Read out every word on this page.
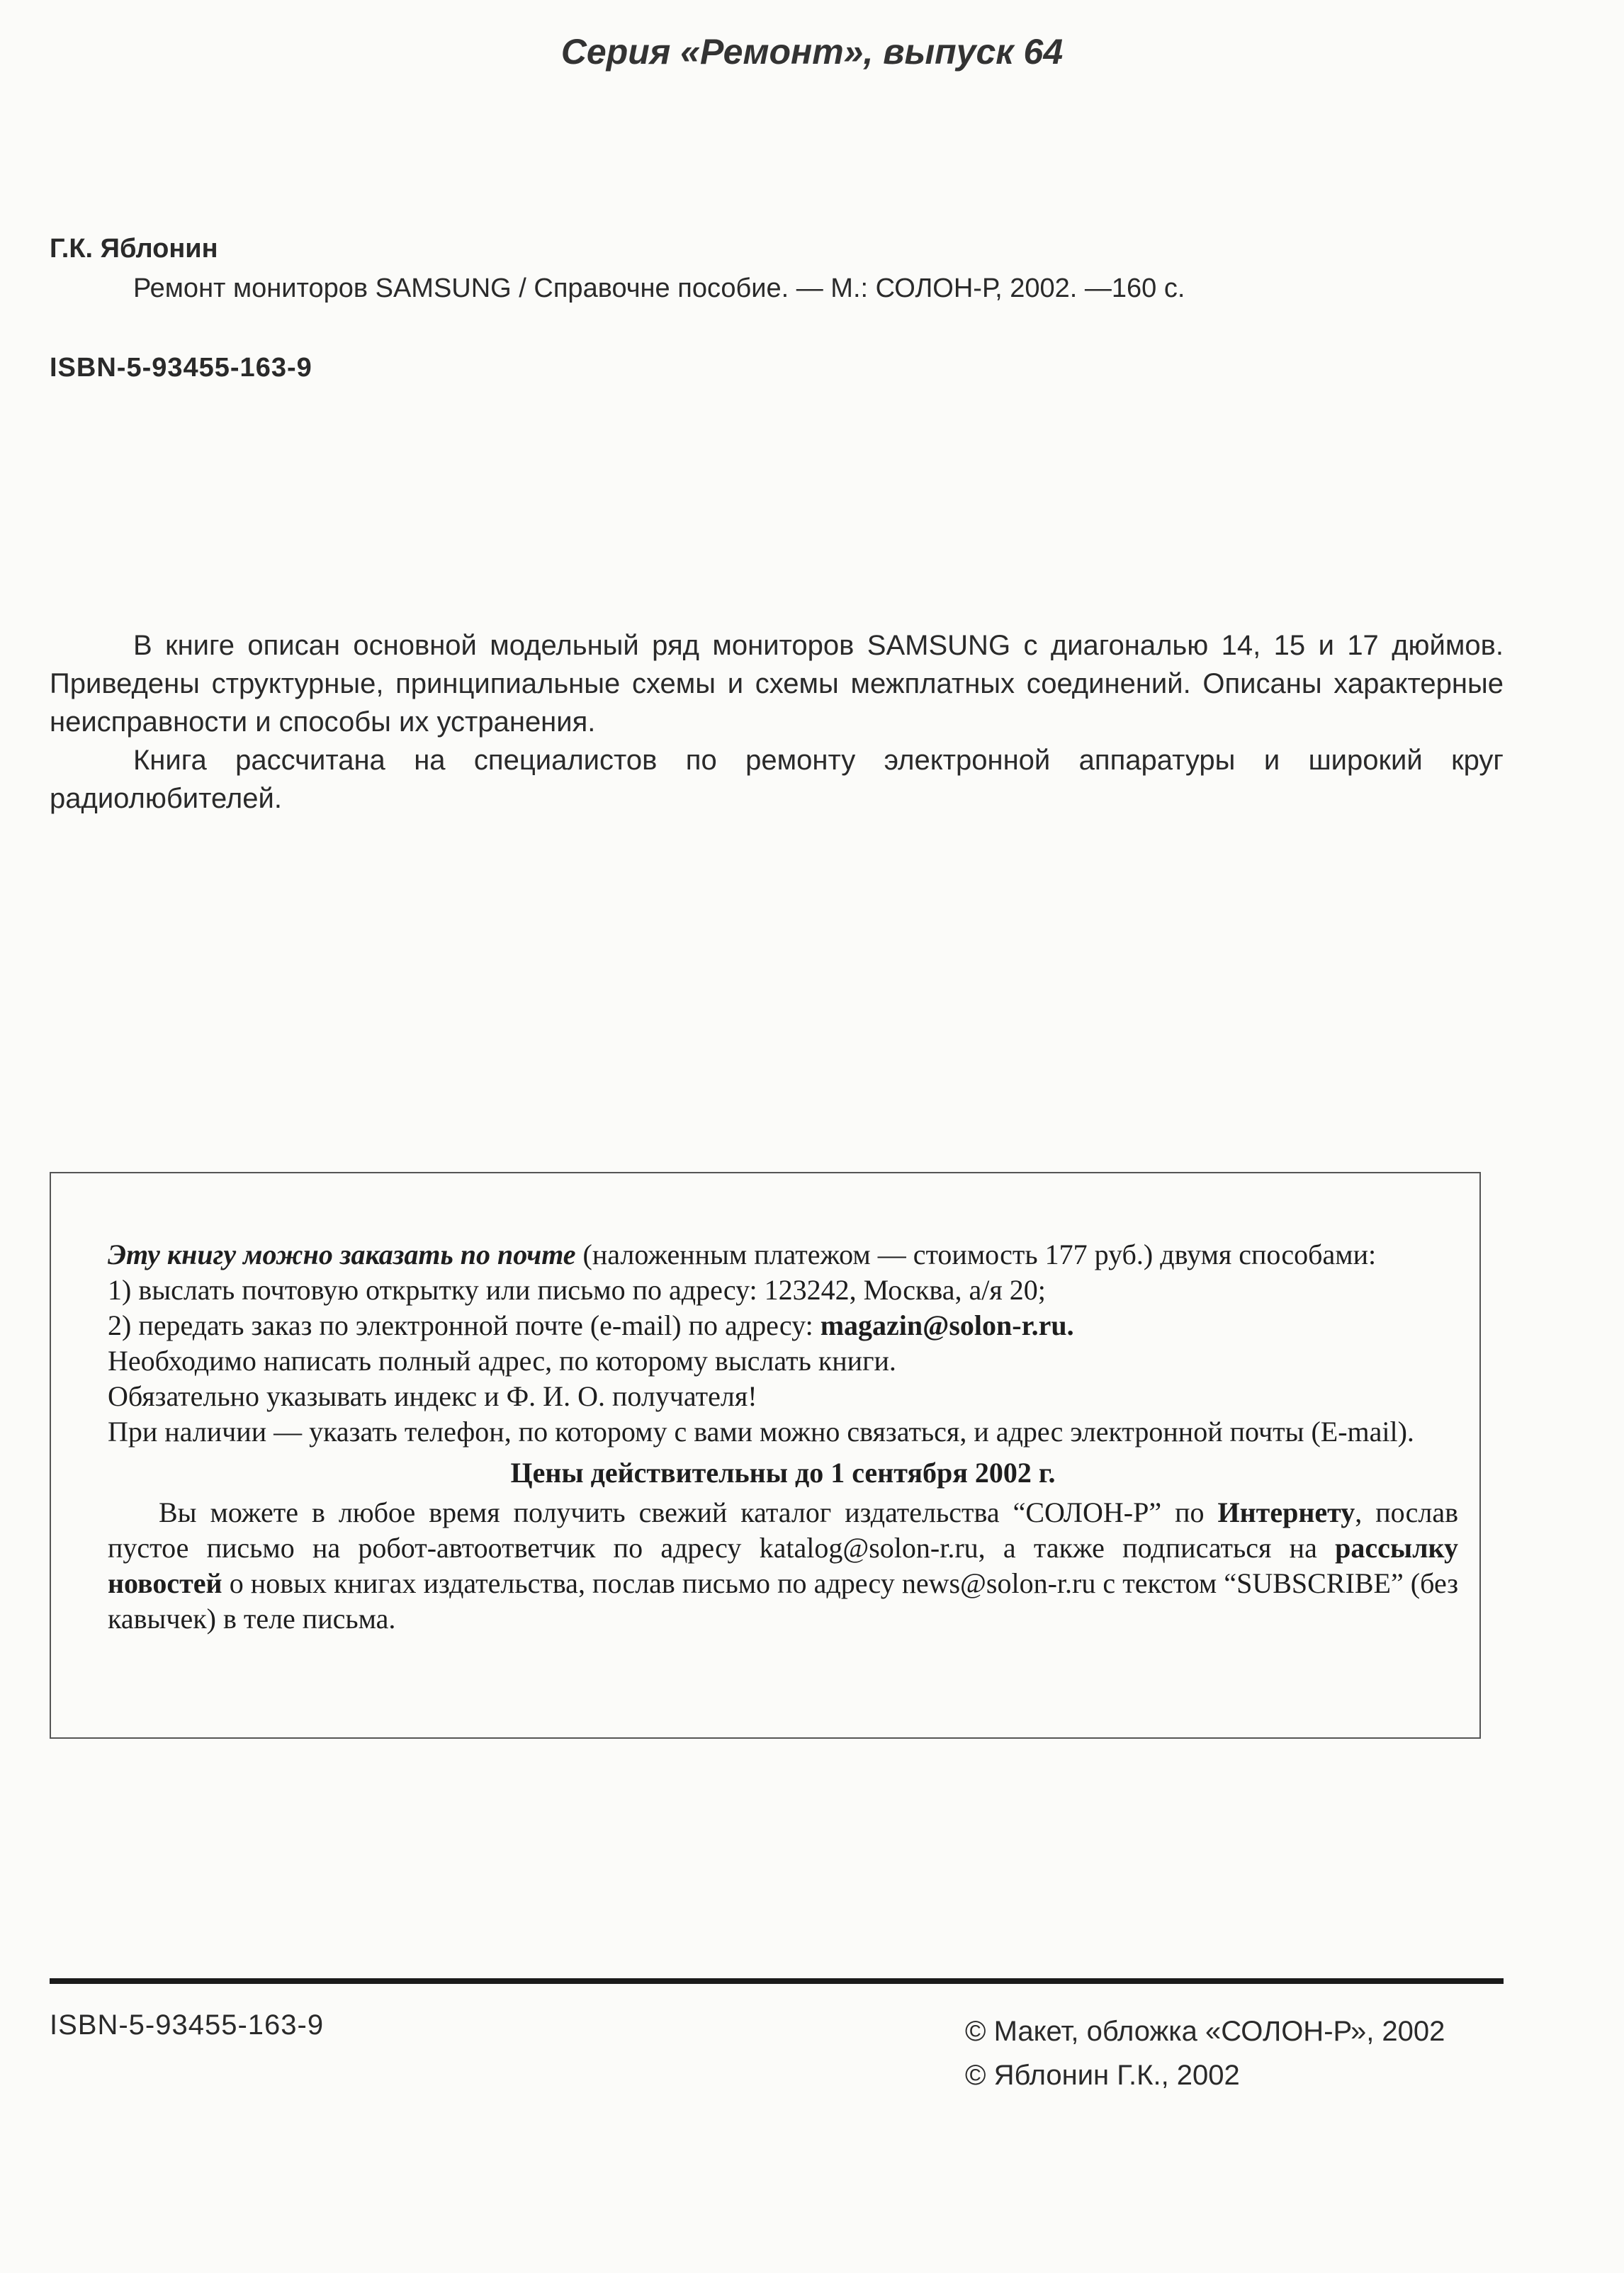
Серия «Ремонт», выпуск 64
Г.К. Яблонин
Ремонт мониторов SAMSUNG / Справочне пособие. — М.: СОЛОН-Р, 2002. —160 с.
ISBN-5-93455-163-9

В книге описан основной модельный ряд мониторов SAMSUNG с диагональю 14, 15 и 17 дюймов. Приведены структурные, принципиальные схемы и схемы межплатных соединений. Описаны характерные неисправности и способы их устранения.

Книга рассчитана на специалистов по ремонту электронной аппаратуры и широкий круг радиолюбителей.

Эту книгу можно заказать по почте (наложенным платежом — стоимость 177 руб.) двумя способами:

1) выслать почтовую открытку или письмо по адресу: 123242, Москва, а/я 20;

2) передать заказ по электронной почте (e-mail) по адресу: magazin@solon-r.ru.

Необходимо написать полный адрес, по которому выслать книги.

Обязательно указывать индекс и Ф. И. О. получателя!

При наличии — указать телефон, по которому с вами можно связаться, и адрес электронной почты (E-mail).

Цены действительны до 1 сентября 2002 г.

Вы можете в любое время получить свежий каталог издательства “СОЛОН-Р” по Интернету, послав пустое письмо на робот-автоответчик по адресу katalog@solon-r.ru, а также подписаться на рассылку новостей о новых книгах издательства, послав письмо по адресу news@solon-r.ru с текстом “SUBSCRIBE” (без кавычек) в теле письма.

ISBN-5-93455-163-9	© Макет, обложка «СОЛОН-Р», 2002
© Яблонин Г.К., 2002
